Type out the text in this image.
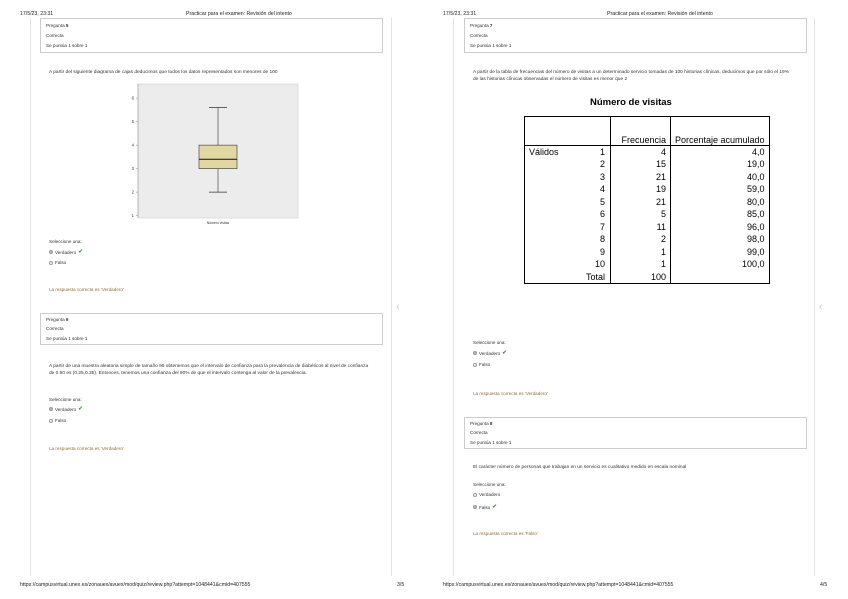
17/5/23, 23:31	Practicar para el examen: Revisión del intento
‹
Pregunta 5
Correcta
Se puntúa 1 sobre 1
A partir del siguiente diagrama de cajas deducimos que todos los datos representados son menores de 100
1
2
3
4
5
6
Número visitas
Seleccione una:
Verdadero ✔
Falso
La respuesta correcta es 'Verdadero'
Pregunta 6
Correcta
Se puntúa 1 sobre 1
A partir de una muestra aleatoria simple de tamaño 95 obtenemos que el intervalo de confianza para la prevalencia de diabéticos al nivel de confianza de 0.90 es (0.25,0.35). Entonces, tenemos una confianza del 90% de que el intervalo contenga al valor de la prevalencia.
Seleccione una:
Verdadero ✔
Falso
La respuesta correcta es 'Verdadero'
https://campusvirtual.unex.es/zonauex/avuex/mod/quiz/review.php?attempt=1048441&cmid=407555	3/5
17/5/23, 23:31	Practicar para el examen: Revisión del intento
‹
Pregunta 7
Correcta
Se puntúa 1 sobre 1
A partir de la tabla de frecuencias del número de visitas a un determinado servicio tomadas de 100 historias clínicas, deducimos que por sólo el 19% de las historias clínicas observadas el número de visitas es menor que 2
Número de visitas
	Frecuencia	Porcentaje acumulado
Válidos 1	4	4,0
2	15	19,0
3	21	40,0
4	19	59,0
5	21	80,0
6	5	85,0
7	11	96,0
8	2	98,0
9	1	99,0
10	1	100,0
Total	100	
Seleccione una:
Verdadero ✔
Falso
La respuesta correcta es 'Verdadero'
Pregunta 8
Correcta
Se puntúa 1 sobre 1
El carácter número de personas que trabajan en un servicio es cualitativo medido en escala nominal
Seleccione una:
Verdadero
Falso ✔
La respuesta correcta es 'Falso'
https://campusvirtual.unex.es/zonauex/avuex/mod/quiz/review.php?attempt=1048441&cmid=407555	4/5
